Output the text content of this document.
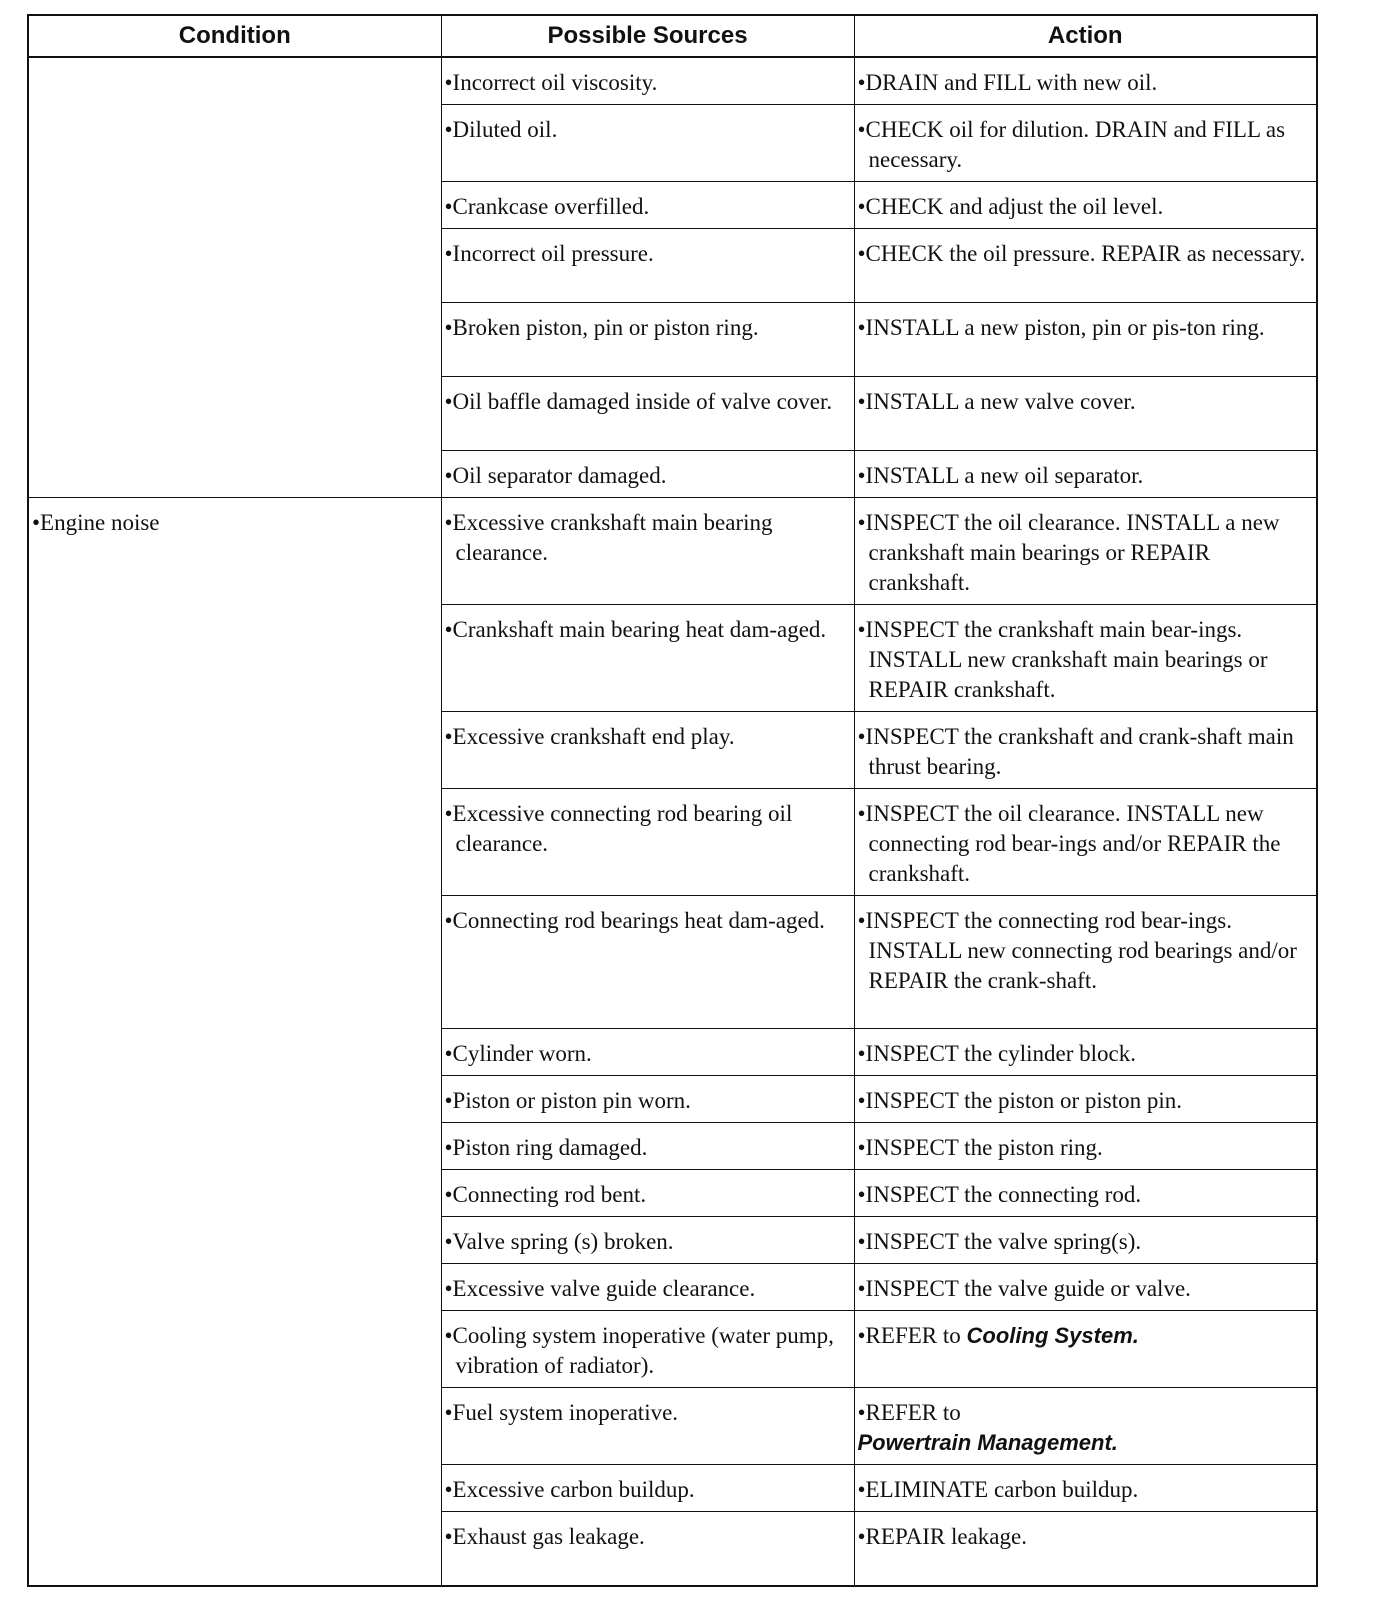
Condition	Possible Sources	Action

	•Incorrect oil viscosity.	•DRAIN and FILL with new oil.

	•Diluted oil.	•CHECK oil for dilution. DRAIN and FILL as necessary.

	•Crankcase overfilled.	•CHECK and adjust the oil level.

	•Incorrect oil pressure.	•CHECK the oil pressure. REPAIR as necessary.

	•Broken piston, pin or piston ring.	•INSTALL a new piston, pin or pis-ton ring.

	•Oil baffle damaged inside of valve cover.	•INSTALL a new valve cover.

	•Oil separator damaged.	•INSTALL a new oil separator.

•Engine noise	•Excessive crankshaft main bearing clearance.	•INSPECT the oil clearance. INSTALL a new crankshaft main bearings or REPAIR crankshaft.

	•Crankshaft main bearing heat dam-aged.	•INSPECT the crankshaft main bear-ings. INSTALL new crankshaft main bearings or REPAIR crankshaft.

	•Excessive crankshaft end play.	•INSPECT the crankshaft and crank-shaft main thrust bearing.

	•Excessive connecting rod bearing oil clearance.	•INSPECT the oil clearance. INSTALL new connecting rod bear-ings and/or REPAIR the crankshaft.

	•Connecting rod bearings heat dam-aged.	•INSPECT the connecting rod bear-ings. INSTALL new connecting rod bearings and/or REPAIR the crank-shaft.

	•Cylinder worn.	•INSPECT the cylinder block.

	•Piston or piston pin worn.	•INSPECT the piston or piston pin.

	•Piston ring damaged.	•INSPECT the piston ring.

	•Connecting rod bent.	•INSPECT the connecting rod.

	•Valve spring (s) broken.	•INSPECT the valve spring(s).

	•Excessive valve guide clearance.	•INSPECT the valve guide or valve.

	•Cooling system inoperative (water pump, vibration of radiator).	•REFER to Cooling System.

	•Fuel system inoperative.	•REFER to
Powertrain Management.

	•Excessive carbon buildup.	•ELIMINATE carbon buildup.

	•Exhaust gas leakage.	•REPAIR leakage.
